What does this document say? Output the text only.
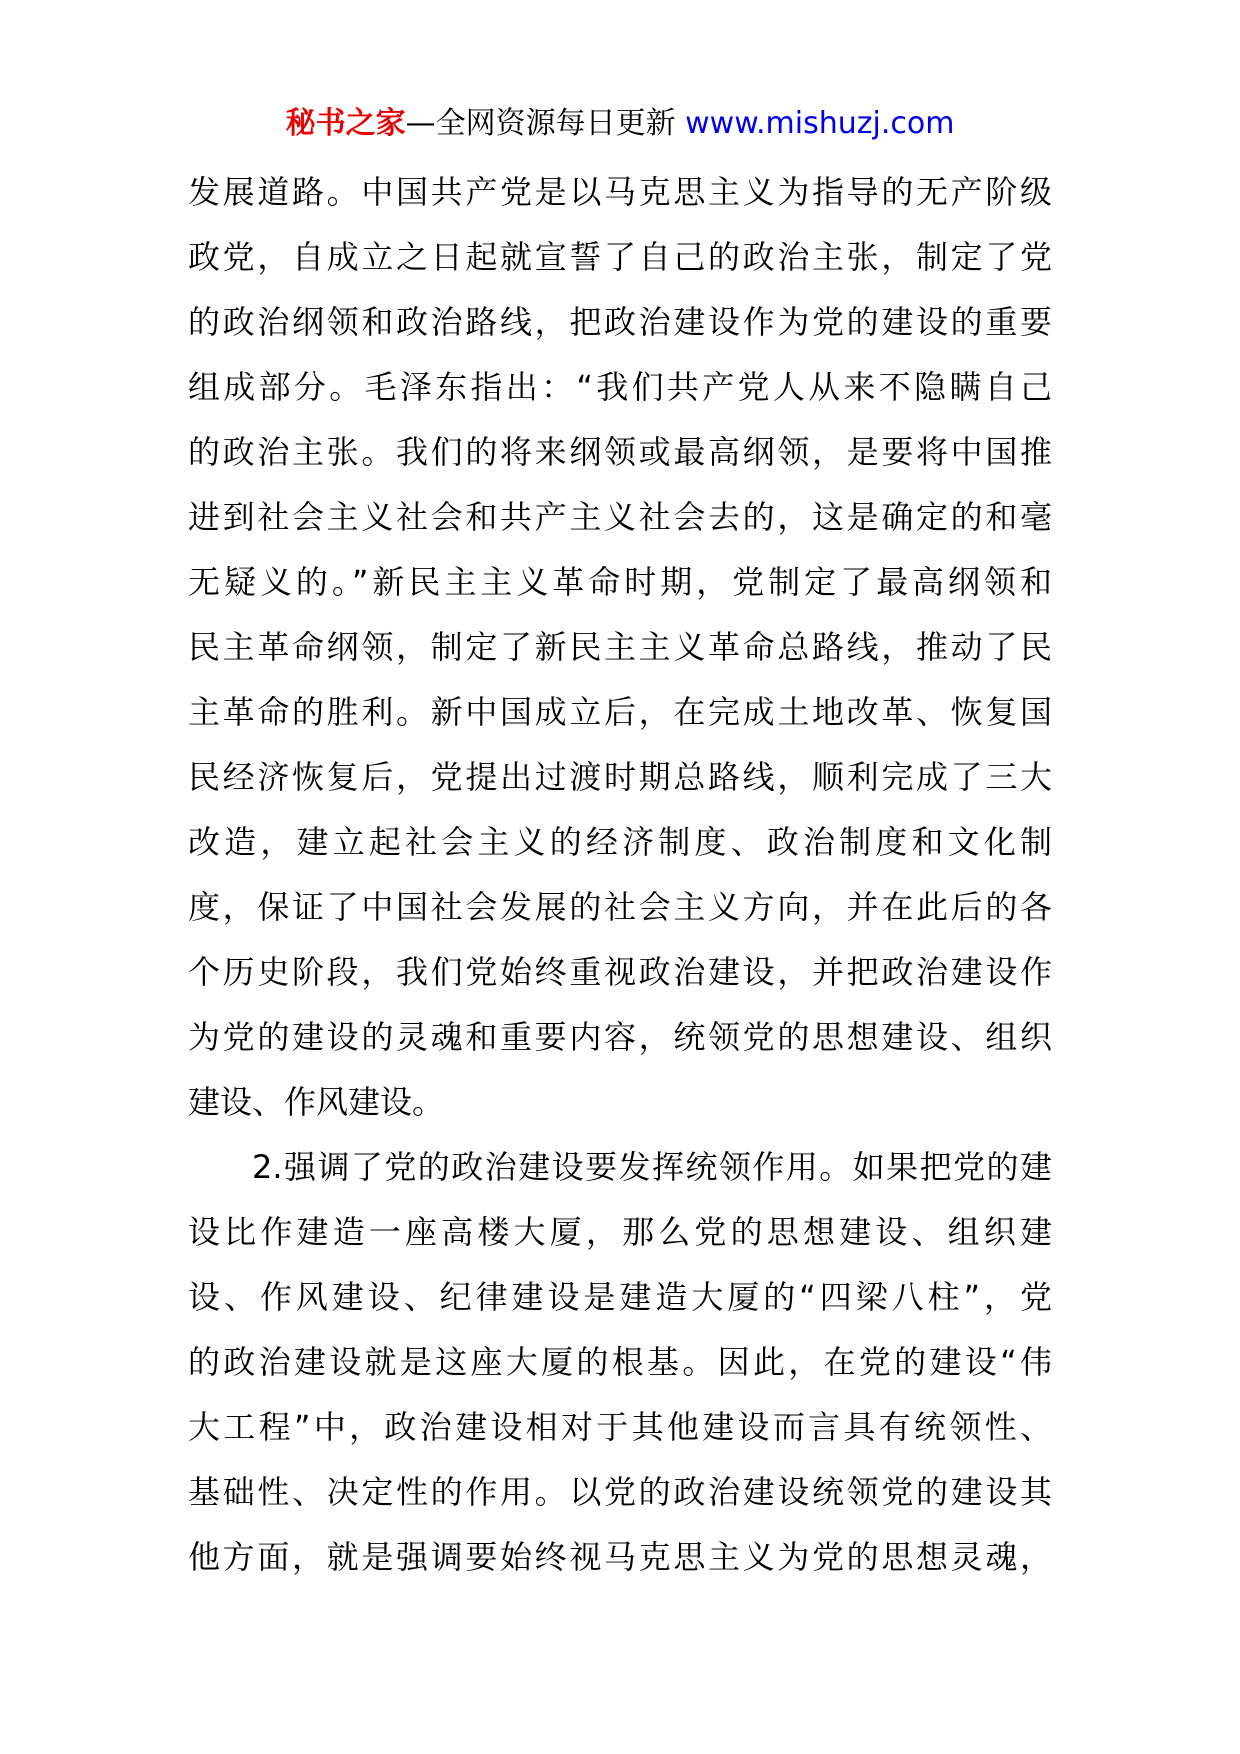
秘书之家—全网资源每日更新 www.mishuzj.com
发展道路。中国共产党是以马克思主义为指导的无产阶级
政党，自成立之日起就宣誓了自己的政治主张，制定了党
的政治纲领和政治路线，把政治建设作为党的建设的重要
组成部分。毛泽东指出：“我们共产党人从来不隐瞒自己
的政治主张。我们的将来纲领或最高纲领，是要将中国推
进到社会主义社会和共产主义社会去的，这是确定的和毫
无疑义的。”新民主主义革命时期，党制定了最高纲领和
民主革命纲领，制定了新民主主义革命总路线，推动了民
主革命的胜利。新中国成立后，在完成土地改革、恢复国
民经济恢复后，党提出过渡时期总路线，顺利完成了三大
改造，建立起社会主义的经济制度、政治制度和文化制
度，保证了中国社会发展的社会主义方向，并在此后的各
个历史阶段，我们党始终重视政治建设，并把政治建设作
为党的建设的灵魂和重要内容，统领党的思想建设、组织
建设、作风建设。
2.强调了党的政治建设要发挥统领作用。如果把党的建
设比作建造一座高楼大厦，那么党的思想建设、组织建
设、作风建设、纪律建设是建造大厦的“四梁八柱”，党
的政治建设就是这座大厦的根基。因此，在党的建设“伟
大工程”中，政治建设相对于其他建设而言具有统领性、
基础性、决定性的作用。以党的政治建设统领党的建设其
他方面，就是强调要始终视马克思主义为党的思想灵魂，
